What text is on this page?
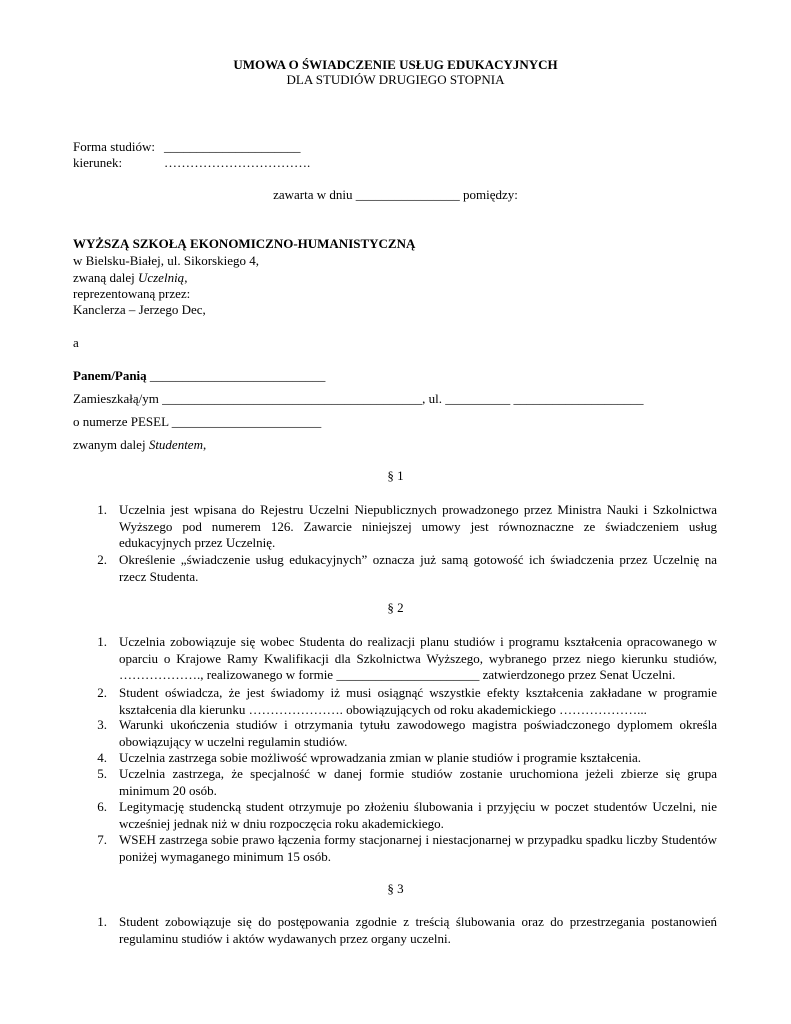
UMOWA O ŚWIADCZENIE USŁUG EDUKACYJNYCH
DLA STUDIÓW DRUGIEGO STOPNIA
Forma studiów: _____________________
kierunek:	…………………………….
zawarta w dniu ________________ pomiędzy:
WYŻSZĄ SZKOŁĄ EKONOMICZNO-HUMANISTYCZNĄ
w Bielsku-Białej, ul. Sikorskiego 4,
zwaną dalej Uczelnią,
reprezentowaną przez:
Kanclerza – Jerzego Dec,
a
Panem/Panią ___________________________
Zamieszkałą/ym ________________________________________, ul. __________ ____________________
o numerze PESEL _______________________
zwanym dalej Studentem,
§ 1
1. Uczelnia jest wpisana do Rejestru Uczelni Niepublicznych prowadzonego przez Ministra Nauki i Szkolnictwa Wyższego pod numerem 126. Zawarcie niniejszej umowy jest równoznaczne ze świadczeniem usług edukacyjnych przez Uczelnię.
2. Określenie „świadczenie usług edukacyjnych” oznacza już samą gotowość ich świadczenia przez Uczelnię na rzecz Studenta.
§ 2
1. Uczelnia zobowiązuje się wobec Studenta do realizacji planu studiów i programu kształcenia opracowanego w oparciu o Krajowe Ramy Kwalifikacji dla Szkolnictwa Wyższego, wybranego przez niego kierunku studiów, ………………., realizowanego w formie ______________________ zatwierdzonego przez Senat Uczelni.
2. Student oświadcza, że jest świadomy iż musi osiągnąć wszystkie efekty kształcenia zakładane w programie kształcenia dla kierunku …………………. obowiązujących od roku akademickiego ………………...
3. Warunki ukończenia studiów i otrzymania tytułu zawodowego magistra poświadczonego dyplomem określa obowiązujący w uczelni regulamin studiów.
4. Uczelnia zastrzega sobie możliwość wprowadzania zmian w planie studiów i programie kształcenia.
5. Uczelnia zastrzega, że specjalność w danej formie studiów zostanie uruchomiona jeżeli zbierze się grupa minimum 20 osób.
6. Legitymację studencką student otrzymuje po złożeniu ślubowania i przyjęciu w poczet studentów Uczelni, nie wcześniej jednak niż w dniu rozpoczęcia roku akademickiego.
7. WSEH zastrzega sobie prawo łączenia formy stacjonarnej i niestacjonarnej w przypadku spadku liczby Studentów poniżej wymaganego minimum 15 osób.
§ 3
1. Student zobowiązuje się do postępowania zgodnie z treścią ślubowania oraz do przestrzegania postanowień regulaminu studiów i aktów wydawanych przez organy uczelni.
